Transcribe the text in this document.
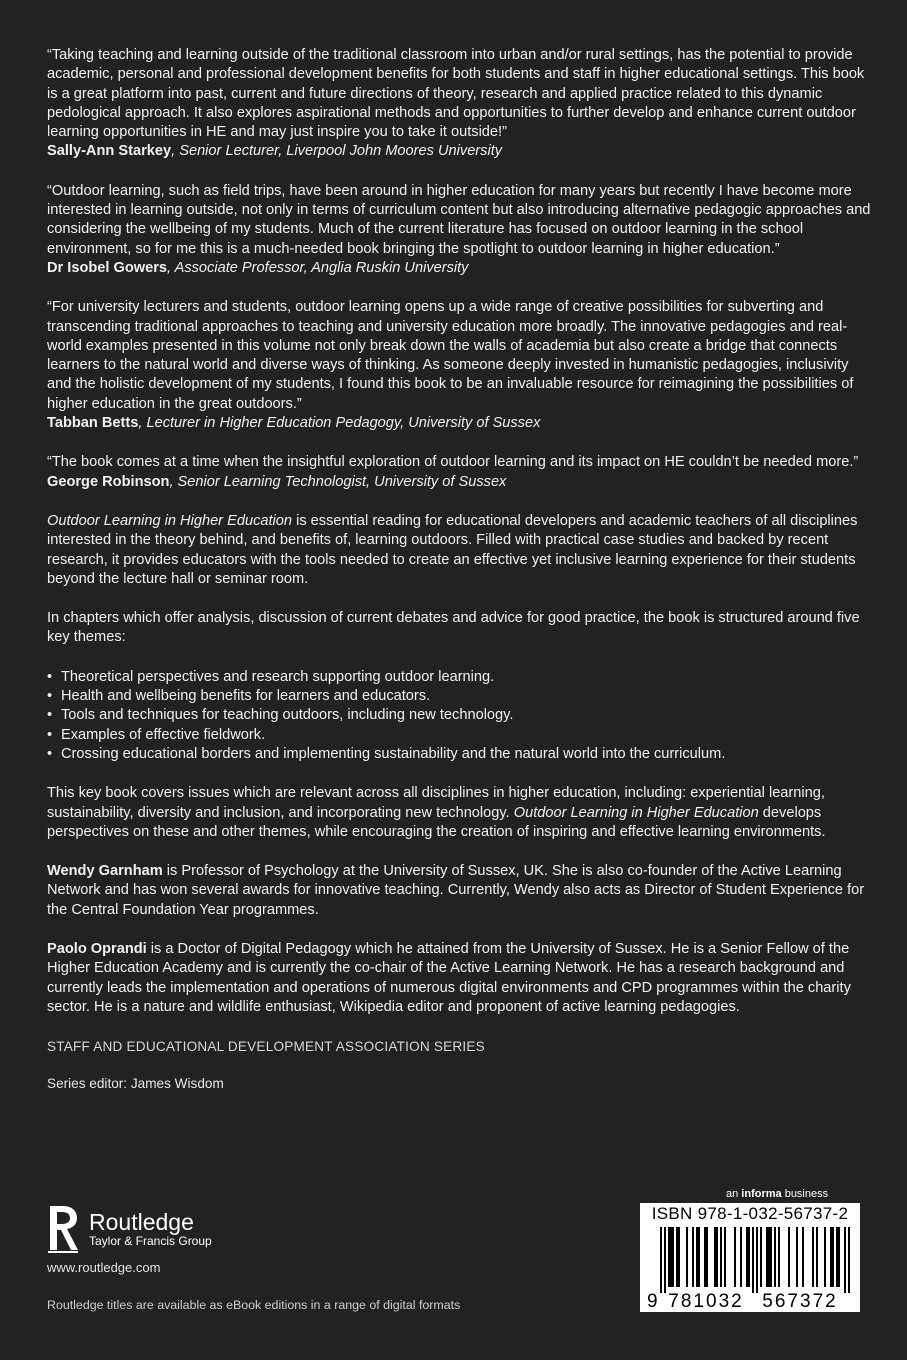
“Taking teaching and learning outside of the traditional classroom into urban and/or rural settings, has the potential to provide academic, personal and professional development benefits for both students and staff in higher educational settings. This book is a great platform into past, current and future directions of theory, research and applied practice related to this dynamic pedological approach. It also explores aspirational methods and opportunities to further develop and enhance current outdoor learning opportunities in HE and may just inspire you to take it outside!”
Sally-Ann Starkey, Senior Lecturer, Liverpool John Moores University
“Outdoor learning, such as field trips, have been around in higher education for many years but recently I have become more interested in learning outside, not only in terms of curriculum content but also introducing alternative pedagogic approaches and considering the wellbeing of my students. Much of the current literature has focused on outdoor learning in the school environment, so for me this is a much-needed book bringing the spotlight to outdoor learning in higher education.”
Dr Isobel Gowers, Associate Professor, Anglia Ruskin University
“For university lecturers and students, outdoor learning opens up a wide range of creative possibilities for subverting and transcending traditional approaches to teaching and university education more broadly. The innovative pedagogies and real-world examples presented in this volume not only break down the walls of academia but also create a bridge that connects learners to the natural world and diverse ways of thinking. As someone deeply invested in humanistic pedagogies, inclusivity and the holistic development of my students, I found this book to be an invaluable resource for reimagining the possibilities of higher education in the great outdoors.”
Tabban Betts, Lecturer in Higher Education Pedagogy, University of Sussex
“The book comes at a time when the insightful exploration of outdoor learning and its impact on HE couldn’t be needed more.”
George Robinson, Senior Learning Technologist, University of Sussex
Outdoor Learning in Higher Education is essential reading for educational developers and academic teachers of all disciplines interested in the theory behind, and benefits of, learning outdoors. Filled with practical case studies and backed by recent research, it provides educators with the tools needed to create an effective yet inclusive learning experience for their students beyond the lecture hall or seminar room.
In chapters which offer analysis, discussion of current debates and advice for good practice, the book is structured around five key themes:
• Theoretical perspectives and research supporting outdoor learning.
• Health and wellbeing benefits for learners and educators.
• Tools and techniques for teaching outdoors, including new technology.
• Examples of effective fieldwork.
• Crossing educational borders and implementing sustainability and the natural world into the curriculum.
This key book covers issues which are relevant across all disciplines in higher education, including: experiential learning, sustainability, diversity and inclusion, and incorporating new technology. Outdoor Learning in Higher Education develops perspectives on these and other themes, while encouraging the creation of inspiring and effective learning environments.
Wendy Garnham is Professor of Psychology at the University of Sussex, UK. She is also co-founder of the Active Learning Network and has won several awards for innovative teaching. Currently, Wendy also acts as Director of Student Experience for the Central Foundation Year programmes.
Paolo Oprandi is a Doctor of Digital Pedagogy which he attained from the University of Sussex. He is a Senior Fellow of the Higher Education Academy and is currently the co-chair of the Active Learning Network. He has a research background and currently leads the implementation and operations of numerous digital environments and CPD programmes within the charity sector. He is a nature and wildlife enthusiast, Wikipedia editor and proponent of active learning pedagogies.
STAFF AND EDUCATIONAL DEVELOPMENT ASSOCIATION SERIES
Series editor: James Wisdom
Routledge
Taylor & Francis Group
www.routledge.com
Routledge titles are available as eBook editions in a range of digital formats
an informa business
ISBN 978-1-032-56737-2
9 781032 567372
